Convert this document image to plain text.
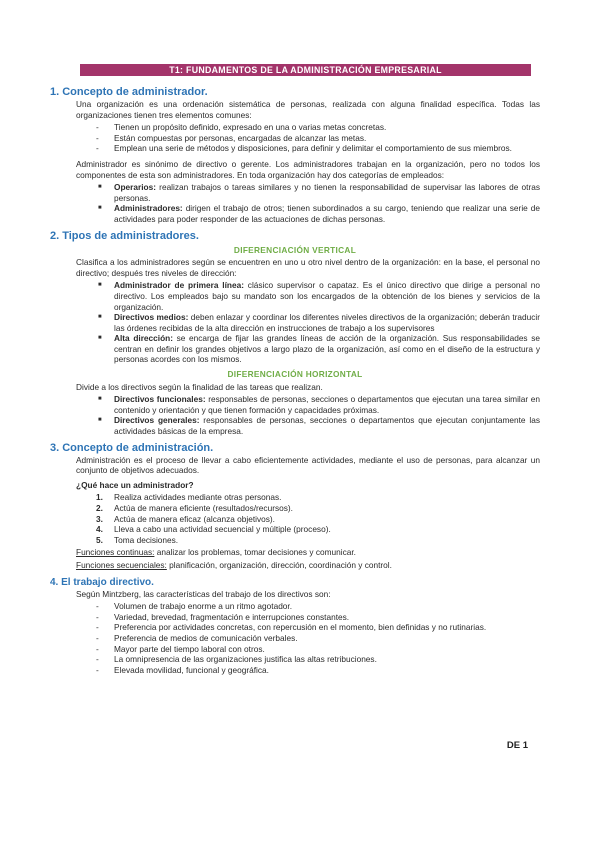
T1: FUNDAMENTOS DE LA ADMINISTRACIÓN EMPRESARIAL
1. Concepto de administrador.

Una organización es una ordenación sistemática de personas, realizada con alguna finalidad específica. Todas las organizaciones tienen tres elementos comunes:

- Tienen un propósito definido, expresado en una o varias metas concretas.
- Están compuestas por personas, encargadas de alcanzar las metas.
- Emplean una serie de métodos y disposiciones, para definir y delimitar el comportamiento de sus miembros.

Administrador es sinónimo de directivo o gerente. Los administradores trabajan en la organización, pero no todos los componentes de esta son administradores. En toda organización hay dos categorías de empleados:

■ Operarios: realizan trabajos o tareas similares y no tienen la responsabilidad de supervisar las labores de otras personas.
■ Administradores: dirigen el trabajo de otros; tienen subordinados a su cargo, teniendo que realizar una serie de actividades para poder responder de las actuaciones de dichas personas.
2. Tipos de administradores.
DIFERENCIACIÓN VERTICAL

Clasifica a los administradores según se encuentren en uno u otro nivel dentro de la organización: en la base, el personal no directivo; después tres niveles de dirección:

■ Administrador de primera línea: clásico supervisor o capataz. Es el único directivo que dirige a personal no directivo. Los empleados bajo su mandato son los encargados de la obtención de los bienes y servicios de la organización.
■ Directivos medios: deben enlazar y coordinar los diferentes niveles directivos de la organización; deberán traducir las órdenes recibidas de la alta dirección en instrucciones de trabajo a los supervisores
■ Alta dirección: se encarga de fijar las grandes líneas de acción de la organización. Sus responsabilidades se centran en definir los grandes objetivos a largo plazo de la organización, así como en el diseño de la estructura y personas acordes con los mismos.
DIFERENCIACIÓN HORIZONTAL

Divide a los directivos según la finalidad de las tareas que realizan.

■ Directivos funcionales: responsables de personas, secciones o departamentos que ejecutan una tarea similar en contenido y orientación y que tienen formación y capacidades próximas.
■ Directivos generales: responsables de personas, secciones o departamentos que ejecutan conjuntamente las actividades básicas de la empresa.
3. Concepto de administración.

Administración es el proceso de llevar a cabo eficientemente actividades, mediante el uso de personas, para alcanzar un conjunto de objetivos adecuados.

¿Qué hace un administrador?
1. Realiza actividades mediante otras personas.
2. Actúa de manera eficiente (resultados/recursos).
3. Actúa de manera eficaz (alcanza objetivos).
4. Lleva a cabo una actividad secuencial y múltiple (proceso).
5. Toma decisiones.

Funciones continuas: analizar los problemas, tomar decisiones y comunicar.

Funciones secuenciales: planificación, organización, dirección, coordinación y control.

4. El trabajo directivo.

Según Mintzberg, las características del trabajo de los directivos son:

- Volumen de trabajo enorme a un ritmo agotador.
- Variedad, brevedad, fragmentación e interrupciones constantes.
- Preferencia por actividades concretas, con repercusión en el momento, bien definidas y no rutinarias.
- Preferencia de medios de comunicación verbales.
- Mayor parte del tiempo laboral con otros.
- La omnipresencia de las organizaciones justifica las altas retribuciones.
- Elevada movilidad, funcional y geográfica.
DE 1
